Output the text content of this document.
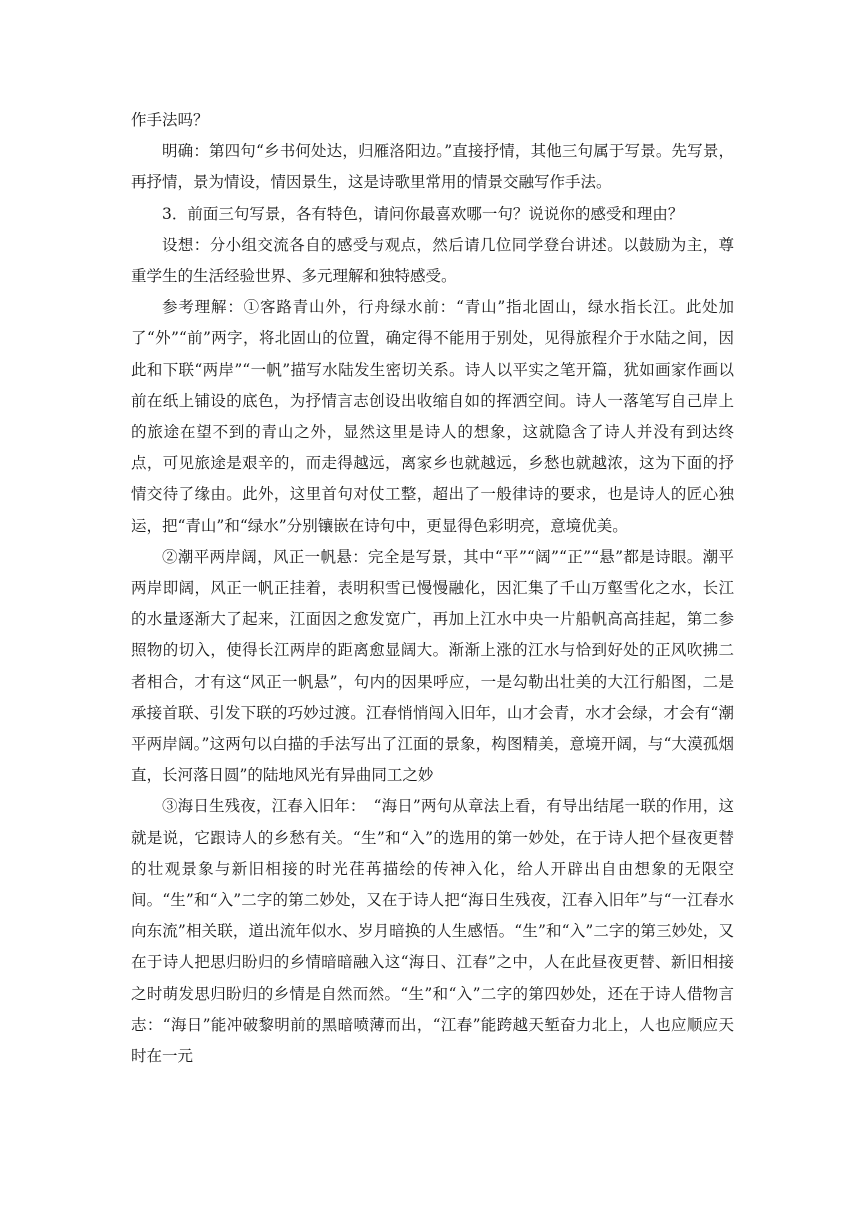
作手法吗？

明确：第四句“乡书何处达，归雁洛阳边。”直接抒情，其他三句属于写景。先写景，再抒情，景为情设，情因景生，这是诗歌里常用的情景交融写作手法。

3．前面三句写景，各有特色，请问你最喜欢哪一句？说说你的感受和理由？

设想：分小组交流各自的感受与观点，然后请几位同学登台讲述。以鼓励为主，尊重学生的生活经验世界、多元理解和独特感受。

参考理解：①客路青山外，行舟绿水前：“青山”指北固山，绿水指长江。此处加了“外”“前”两字，将北固山的位置，确定得不能用于别处，见得旅程介于水陆之间，因此和下联“两岸”“一帆”描写水陆发生密切关系。诗人以平实之笔开篇，犹如画家作画以前在纸上铺设的底色，为抒情言志创设出收缩自如的挥洒空间。诗人一落笔写自己岸上的旅途在望不到的青山之外，显然这里是诗人的想象，这就隐含了诗人并没有到达终点，可见旅途是艰辛的，而走得越远，离家乡也就越远，乡愁也就越浓，这为下面的抒情交待了缘由。此外，这里首句对仗工整，超出了一般律诗的要求，也是诗人的匠心独运，把“青山”和“绿水”分别镶嵌在诗句中，更显得色彩明亮，意境优美。

②潮平两岸阔，风正一帆悬：完全是写景，其中“平”“阔”“正”“悬”都是诗眼。潮平两岸即阔，风正一帆正挂着，表明积雪已慢慢融化，因汇集了千山万壑雪化之水，长江的水量逐渐大了起来，江面因之愈发宽广，再加上江水中央一片船帆高高挂起，第二参照物的切入，使得长江两岸的距离愈显阔大。渐渐上涨的江水与恰到好处的正风吹拂二者相合，才有这“风正一帆悬”，句内的因果呼应，一是勾勒出壮美的大江行船图，二是承接首联、引发下联的巧妙过渡。江春悄悄闯入旧年，山才会青，水才会绿，才会有“潮平两岸阔。”这两句以白描的手法写出了江面的景象，构图精美，意境开阔，与“大漠孤烟直，长河落日圆”的陆地风光有异曲同工之妙

③海日生残夜，江春入旧年：　“海日”两句从章法上看，有导出结尾一联的作用，这就是说，它跟诗人的乡愁有关。“生”和“入”的选用的第一妙处，在于诗人把个昼夜更替的壮观景象与新旧相接的时光荏苒描绘的传神入化，给人开辟出自由想象的无限空间。“生”和“入”二字的第二妙处，又在于诗人把“海日生残夜，江春入旧年”与“一江春水向东流”相关联，道出流年似水、岁月暗换的人生感悟。“生”和“入”二字的第三妙处，又在于诗人把思归盼归的乡情暗暗融入这“海日、江春”之中，人在此昼夜更替、新旧相接之时萌发思归盼归的乡情是自然而然。“生”和“入”二字的第四妙处，还在于诗人借物言志：“海日”能冲破黎明前的黑暗喷薄而出，“江春”能跨越天堑奋力北上，人也应顺应天时在一元
